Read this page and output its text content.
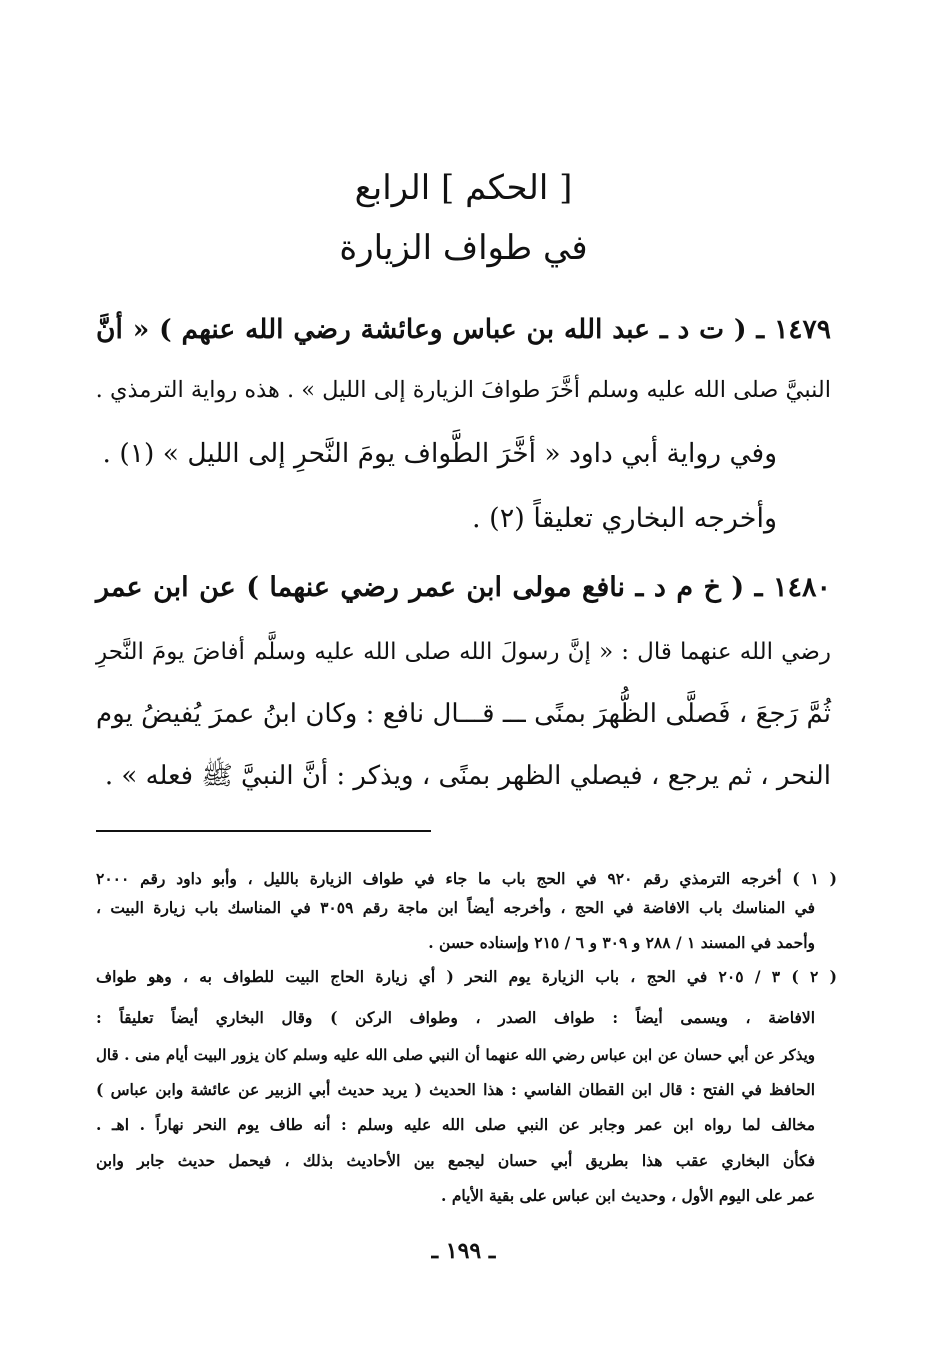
[ الحكم ] الرابع
في طواف الزيارة
١٤٧٩ ـ ( ت د ـ عبد الله بن عباس وعائشة رضي الله عنهم ) « أنَّ
النبيَّ صلى الله عليه وسلم أخَّرَ طوافَ الزيارة إلى الليل » . هذه رواية الترمذي .
وفي رواية أبي داود « أخَّرَ الطَّواف يومَ النَّحرِ إلى الليل » (١) .
وأخرجه البخاري تعليقاً (٢) .
١٤٨٠ ـ ( خ م د ـ نافع مولى ابن عمر رضي عنهما ) عن ابن عمر
رضي الله عنهما قال : « إنَّ رسولَ الله صلى الله عليه وسلَّم أفاضَ يومَ النَّحرِ
ثُمَّ رَجعَ ، فَصلَّى الظُّهرَ بمنًى ـــ قـــال نافع : وكان ابنُ عمرَ يُفيضُ يوم
النحر ، ثم يرجع ، فيصلي الظهر بمنًى ، ويذكر : أنَّ النبيَّ ﷺ فعله » .
( ١ ) أخرجه الترمذي رقم ٩٢٠ في الحج باب ما جاء في طواف الزيارة بالليل ، وأبو داود رقم ٢٠٠٠
في المناسك باب الافاضة في الحج ، وأخرجه أيضاً ابن ماجة رقم ٣٠٥٩ في المناسك باب زيارة البيت ،
وأحمد في المسند ١ / ٢٨٨ و ٣٠٩ و ٦ / ٢١٥ وإسناده حسن .
( ٢ ) ٣ / ٢٠٥ في الحج ، باب الزيارة يوم النحر ( أي زيارة الحاج البيت للطواف به ، وهو طواف
الافاضة ، ويسمى أيضاً : طواف الصدر ، وطواف الركن ) وقال البخاري أيضاً تعليقاً :
ويذكر عن أبي حسان عن ابن عباس رضي الله عنهما أن النبي صلى الله عليه وسلم كان يزور البيت أيام منى . قال
الحافظ في الفتح : قال ابن القطان الفاسي : هذا الحديث ( يريد حديث أبي الزبير عن عائشة وابن عباس )
مخالف لما رواه ابن عمر وجابر عن النبي صلى الله عليه وسلم : أنه طاف يوم النحر نهاراً . اهـ .
فكأن البخاري عقب هذا بطريق أبي حسان ليجمع بين الأحاديث بذلك ، فيحمل حديث جابر وابن
عمر على اليوم الأول ، وحديث ابن عباس على بقية الأيام .
ـ ١٩٩ ـ
